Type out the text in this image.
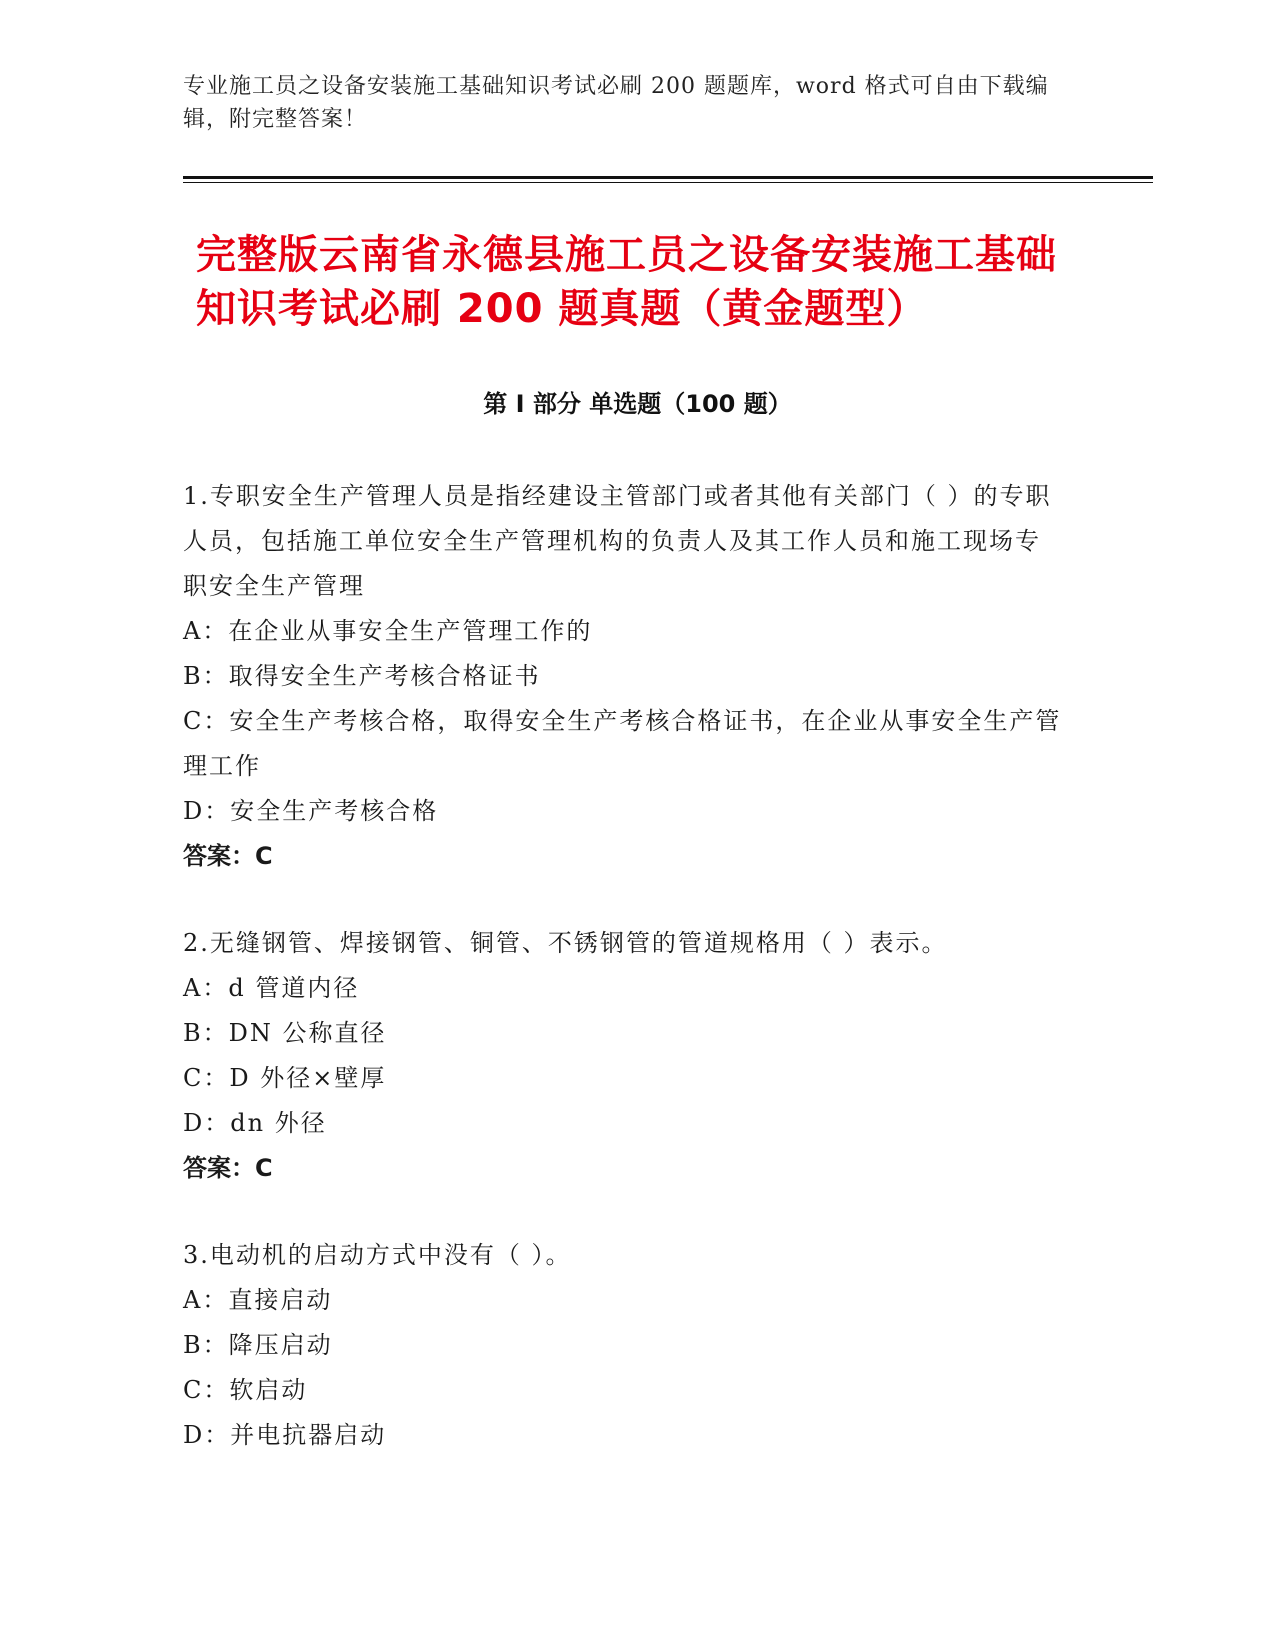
专业施工员之设备安装施工基础知识考试必刷 200 题题库，word 格式可自由下载编辑，附完整答案！
完整版云南省永德县施工员之设备安装施工基础知识考试必刷 200 题真题（黄金题型）
第 I 部分 单选题（100 题）

1.专职安全生产管理人员是指经建设主管部门或者其他有关部门（ ）的专职人员，包括施工单位安全生产管理机构的负责人及其工作人员和施工现场专职安全生产管理

A：在企业从事安全生产管理工作的

B：取得安全生产考核合格证书

C：安全生产考核合格，取得安全生产考核合格证书，在企业从事安全生产管理工作

D：安全生产考核合格

答案：C

2.无缝钢管、焊接钢管、铜管、不锈钢管的管道规格用（ ）表示。

A：d 管道内径

B：DN 公称直径

C：D 外径×壁厚

D：dn 外径

答案：C

3.电动机的启动方式中没有（ ）。

A：直接启动

B：降压启动

C：软启动

D：并电抗器启动
